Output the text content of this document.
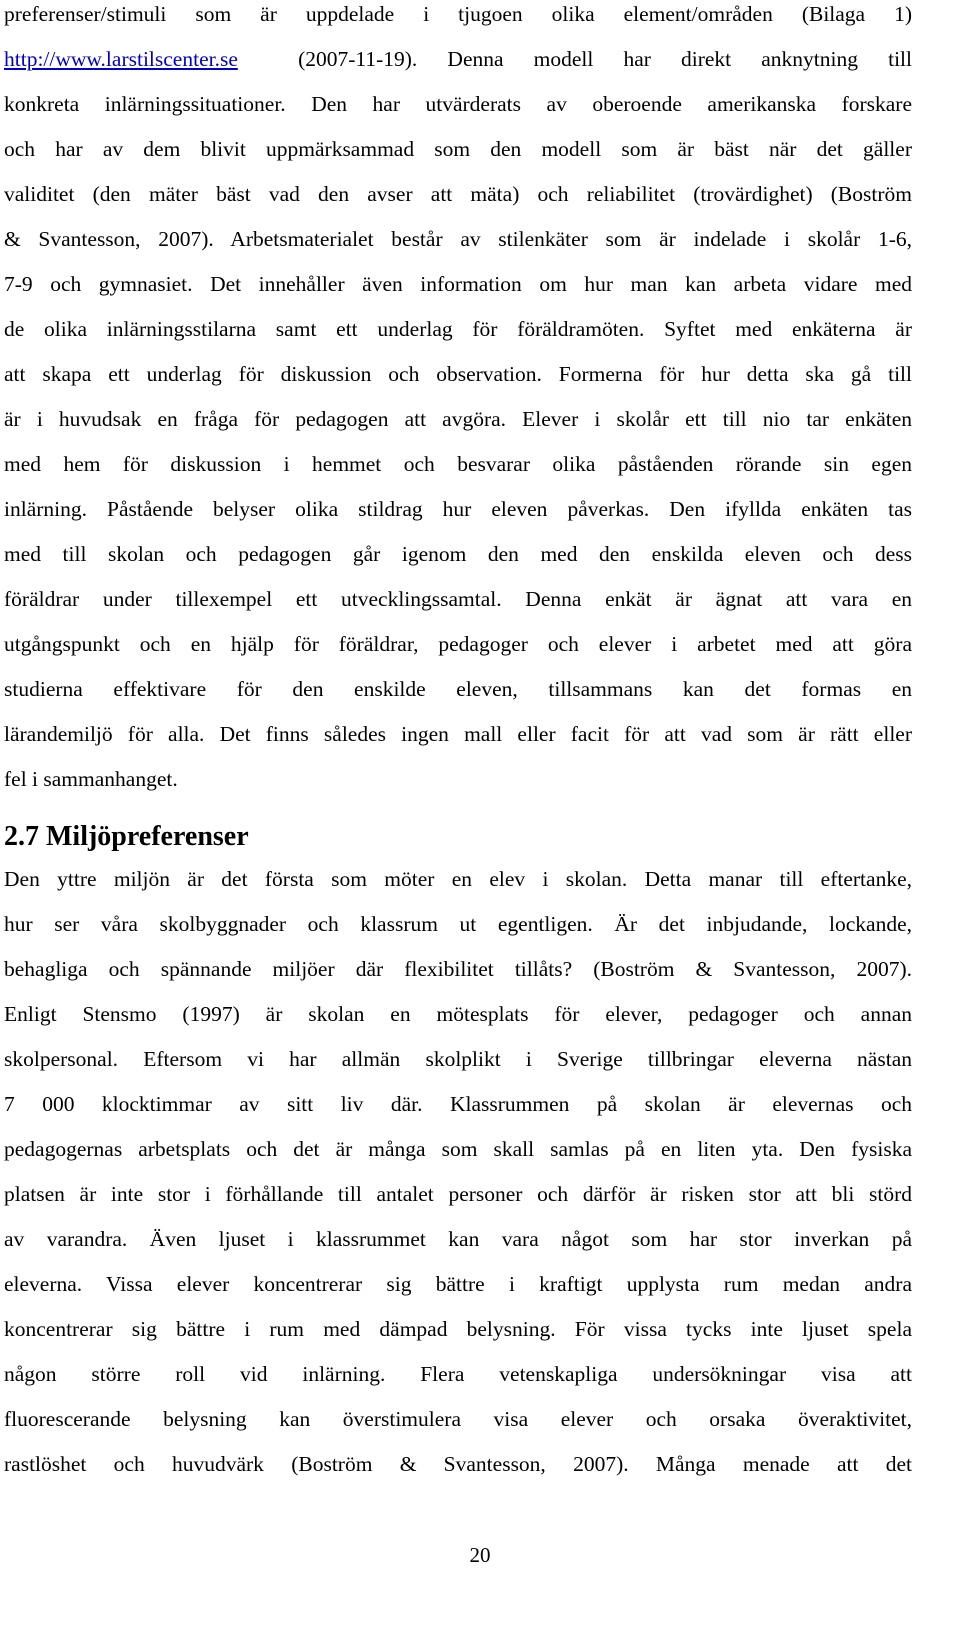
preferenser/stimuli som är uppdelade i tjugoen olika element/områden (Bilaga 1)
http://www.larstilscenter.se	(2007-11-19). Denna modell har direkt anknytning till
konkreta inlärningssituationer. Den har utvärderats av oberoende amerikanska forskare
och har av dem blivit uppmärksammad som den modell som är bäst när det gäller
validitet (den mäter bäst vad den avser att mäta) och reliabilitet (trovärdighet) (Boström
& Svantesson, 2007). Arbetsmaterialet består av stilenkäter som är indelade i skolår 1-6,
7-9 och gymnasiet. Det innehåller även information om hur man kan arbeta vidare med
de olika inlärningsstilarna samt ett underlag för föräldramöten. Syftet med enkäterna är
att skapa ett underlag för diskussion och observation. Formerna för hur detta ska gå till
är i huvudsak en fråga för pedagogen att avgöra. Elever i skolår ett till nio tar enkäten
med hem för diskussion i hemmet och besvarar olika påståenden rörande sin egen
inlärning. Påstående belyser olika stildrag hur eleven påverkas. Den ifyllda enkäten tas
med till skolan och pedagogen går igenom den med den enskilda eleven och dess
föräldrar under tillexempel ett utvecklingssamtal. Denna enkät är ägnat att vara en
utgångspunkt och en hjälp för föräldrar, pedagoger och elever i arbetet med att göra
studierna effektivare för den enskilde eleven, tillsammans kan det formas en
lärandemiljö för alla. Det finns således ingen mall eller facit för att vad som är rätt eller
fel i sammanhanget.
2.7 Miljöpreferenser
Den yttre miljön är det första som möter en elev i skolan. Detta manar till eftertanke,
hur ser våra skolbyggnader och klassrum ut egentligen. Är det inbjudande, lockande,
behagliga och spännande miljöer där flexibilitet tillåts? (Boström & Svantesson, 2007).
Enligt Stensmo (1997) är skolan en mötesplats för elever, pedagoger och annan
skolpersonal. Eftersom vi har allmän skolplikt i Sverige tillbringar eleverna nästan
7 000 klocktimmar av sitt liv där. Klassrummen på skolan är elevernas och
pedagogernas arbetsplats och det är många som skall samlas på en liten yta. Den fysiska
platsen är inte stor i förhållande till antalet personer och därför är risken stor att bli störd
av varandra. Även ljuset i klassrummet kan vara något som har stor inverkan på
eleverna. Vissa elever koncentrerar sig bättre i kraftigt upplysta rum medan andra
koncentrerar sig bättre i rum med dämpad belysning. För vissa tycks inte ljuset spela
någon större roll vid inlärning. Flera vetenskapliga undersökningar visa att
fluorescerande belysning kan överstimulera visa elever och orsaka överaktivitet,
rastlöshet och huvudvärk (Boström & Svantesson, 2007). Många menade att det
20
